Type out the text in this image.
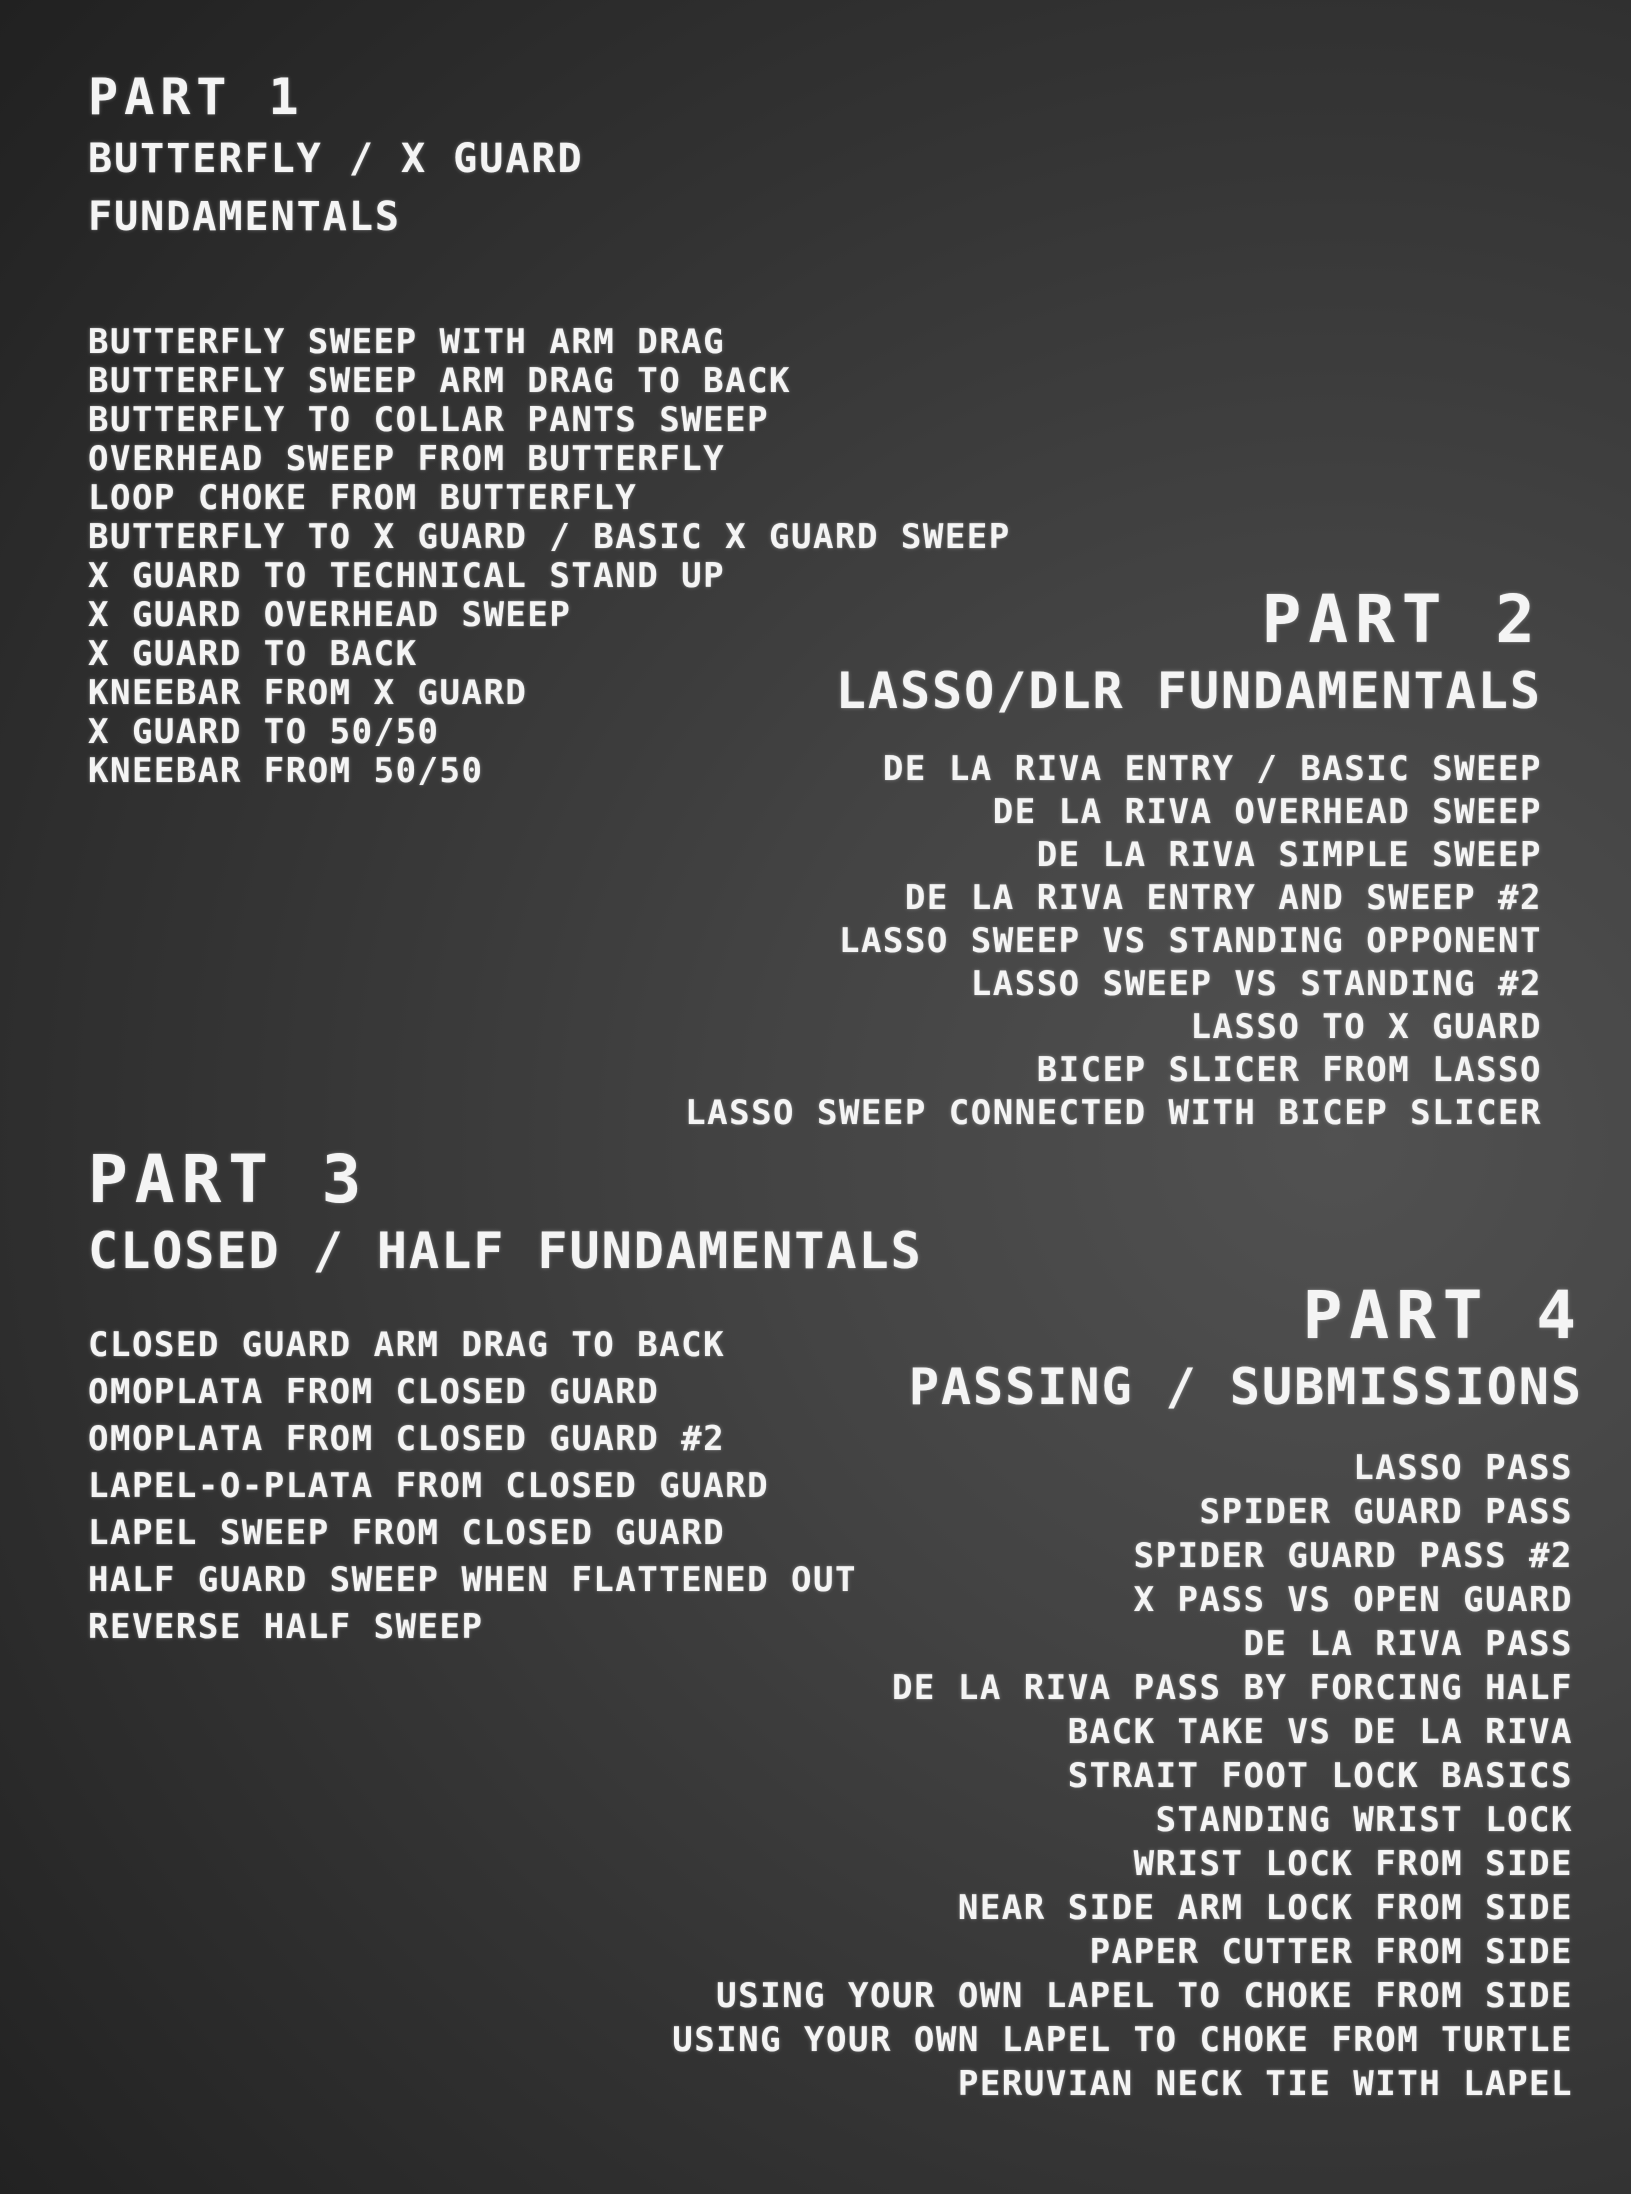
PART 1
BUTTERFLY / X GUARD
FUNDAMENTALS
BUTTERFLY SWEEP WITH ARM DRAG
BUTTERFLY SWEEP ARM DRAG TO BACK
BUTTERFLY TO COLLAR PANTS SWEEP
OVERHEAD SWEEP FROM BUTTERFLY
LOOP CHOKE FROM BUTTERFLY
BUTTERFLY TO X GUARD / BASIC X GUARD SWEEP
X GUARD TO TECHNICAL STAND UP
X GUARD OVERHEAD SWEEP
X GUARD TO BACK
KNEEBAR FROM X GUARD
X GUARD TO 50/50
KNEEBAR FROM 50/50
PART 2
LASSO/DLR FUNDAMENTALS
DE LA RIVA ENTRY / BASIC SWEEP
DE LA RIVA OVERHEAD SWEEP
DE LA RIVA SIMPLE SWEEP
DE LA RIVA ENTRY AND SWEEP #2
LASSO SWEEP VS STANDING OPPONENT
LASSO SWEEP VS STANDING #2
LASSO TO X GUARD
BICEP SLICER FROM LASSO
LASSO SWEEP CONNECTED WITH BICEP SLICER
PART 3
CLOSED / HALF FUNDAMENTALS
CLOSED GUARD ARM DRAG TO BACK
OMOPLATA FROM CLOSED GUARD
OMOPLATA FROM CLOSED GUARD #2
LAPEL-O-PLATA FROM CLOSED GUARD
LAPEL SWEEP FROM CLOSED GUARD
HALF GUARD SWEEP WHEN FLATTENED OUT
REVERSE HALF SWEEP
PART 4
PASSING / SUBMISSIONS
LASSO PASS
SPIDER GUARD PASS
SPIDER GUARD PASS #2
X PASS VS OPEN GUARD
DE LA RIVA PASS
DE LA RIVA PASS BY FORCING HALF
BACK TAKE VS DE LA RIVA
STRAIT FOOT LOCK BASICS
STANDING WRIST LOCK
WRIST LOCK FROM SIDE
NEAR SIDE ARM LOCK FROM SIDE
PAPER CUTTER FROM SIDE
USING YOUR OWN LAPEL TO CHOKE FROM SIDE
USING YOUR OWN LAPEL TO CHOKE FROM TURTLE
PERUVIAN NECK TIE WITH LAPEL
